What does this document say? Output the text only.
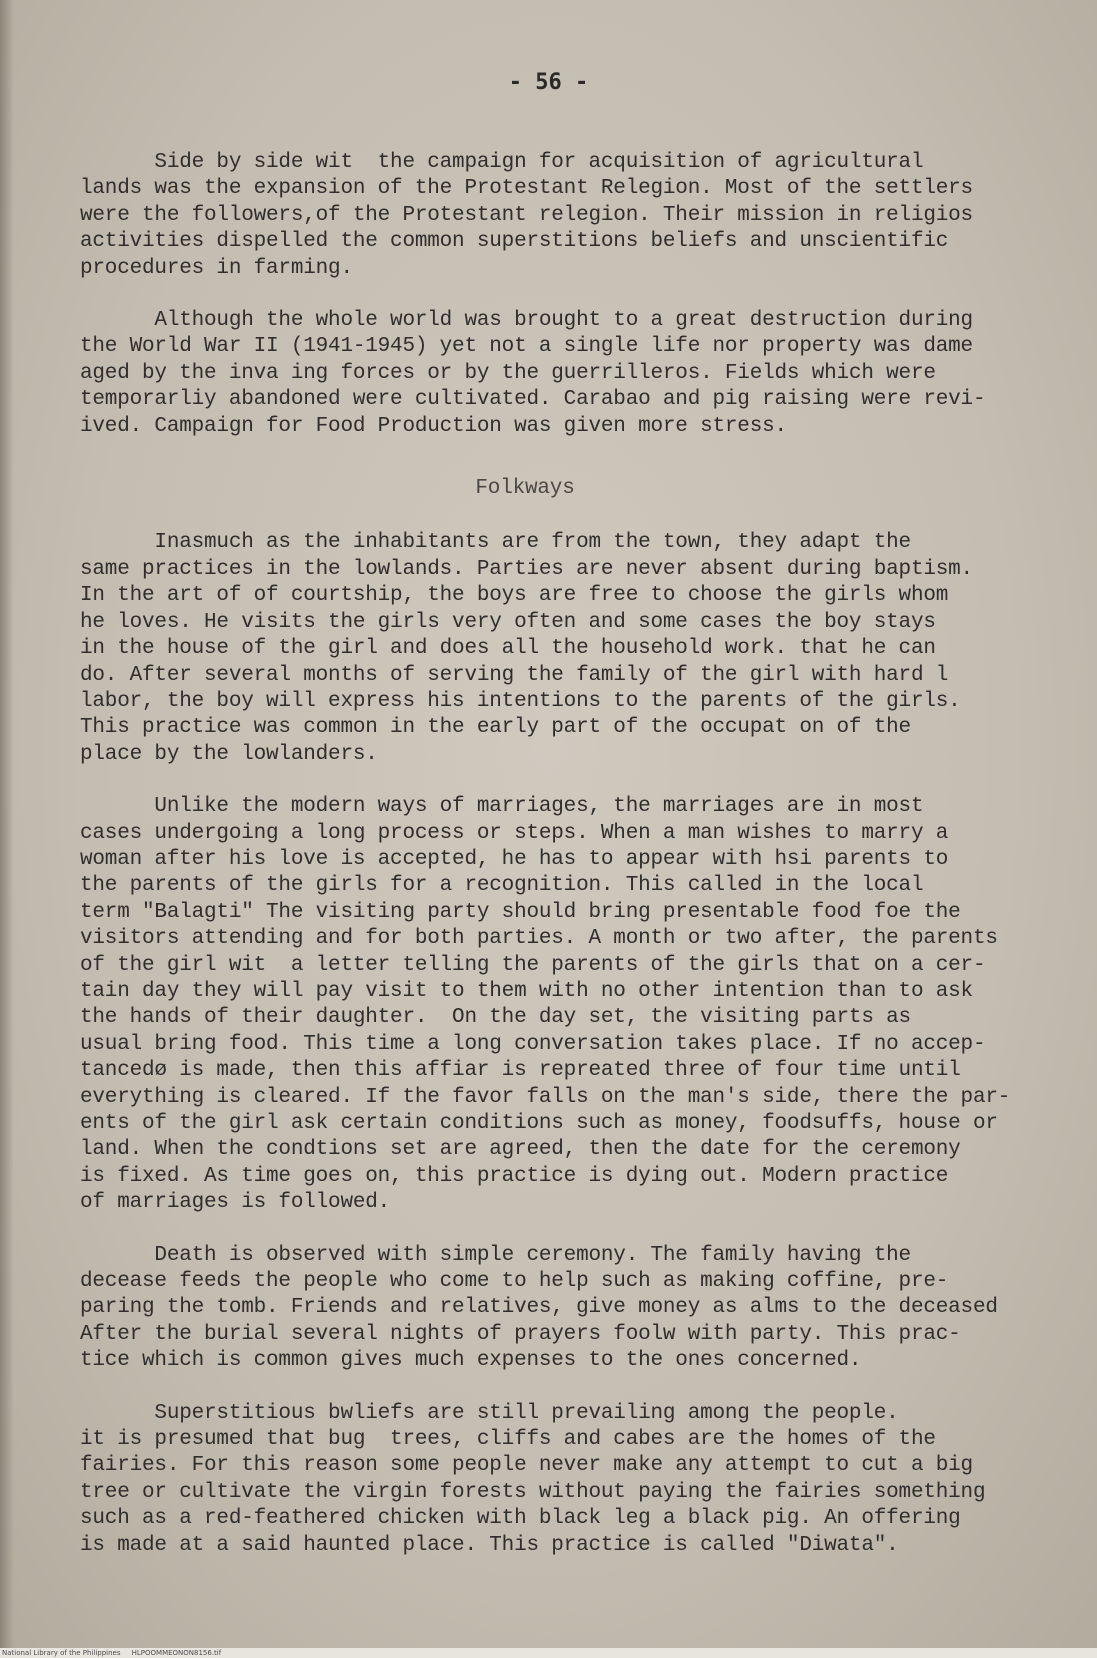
- 56 -
Side by side wit  the campaign for acquisition of agricultural
lands was the expansion of the Protestant Relegion. Most of the settlers
were the followers,of the Protestant relegion. Their mission in religios
activities dispelled the common superstitions beliefs and unscientific
procedures in farming.
Although the whole world was brought to a great destruction during
the World War II (1941-1945) yet not a single life nor property was dame
aged by the inva ing forces or by the guerrilleros. Fields which were
temporarliy abandoned were cultivated. Carabao and pig raising were revi-
ived. Campaign for Food Production was given more stress.
Folkways
Inasmuch as the inhabitants are from the town, they adapt the
same practices in the lowlands. Parties are never absent during baptism.
In the art of of courtship, the boys are free to choose the girls whom
he loves. He visits the girls very often and some cases the boy stays
in the house of the girl and does all the household work. that he can
do. After several months of serving the family of the girl with hard l
labor, the boy will express his intentions to the parents of the girls.
This practice was common in the early part of the occupat on of the
place by the lowlanders.
Unlike the modern ways of marriages, the marriages are in most
cases undergoing a long process or steps. When a man wishes to marry a
woman after his love is accepted, he has to appear with hsi parents to
the parents of the girls for a recognition. This called in the local
term "Balagti" The visiting party should bring presentable food foe the
visitors attending and for both parties. A month or two after, the parents
of the girl wit  a letter telling the parents of the girls that on a cer-
tain day they will pay visit to them with no other intention than to ask
the hands of their daughter.  On the day set, the visiting parts as
usual bring food. This time a long conversation takes place. If no accep-
tancedø is made, then this affiar is repreated three of four time until
everything is cleared. If the favor falls on the man's side, there the par-
ents of the girl ask certain conditions such as money, foodsuffs, house or
land. When the condtions set are agreed, then the date for the ceremony
is fixed. As time goes on, this practice is dying out. Modern practice
of marriages is followed.
Death is observed with simple ceremony. The family having the
decease feeds the people who come to help such as making coffine, pre-
paring the tomb. Friends and relatives, give money as alms to the deceased
After the burial several nights of prayers foolw with party. This prac-
tice which is common gives much expenses to the ones concerned.
Superstitious bwliefs are still prevailing among the people.
it is presumed that bug  trees, cliffs and cabes are the homes of the
fairies. For this reason some people never make any attempt to cut a big
tree or cultivate the virgin forests without paying the fairies something
such as a red-feathered chicken with black leg a black pig. An offering
is made at a said haunted place. This practice is called "Diwata".
National Library of the Philippines     HLPOOMMEONON8156.tif
